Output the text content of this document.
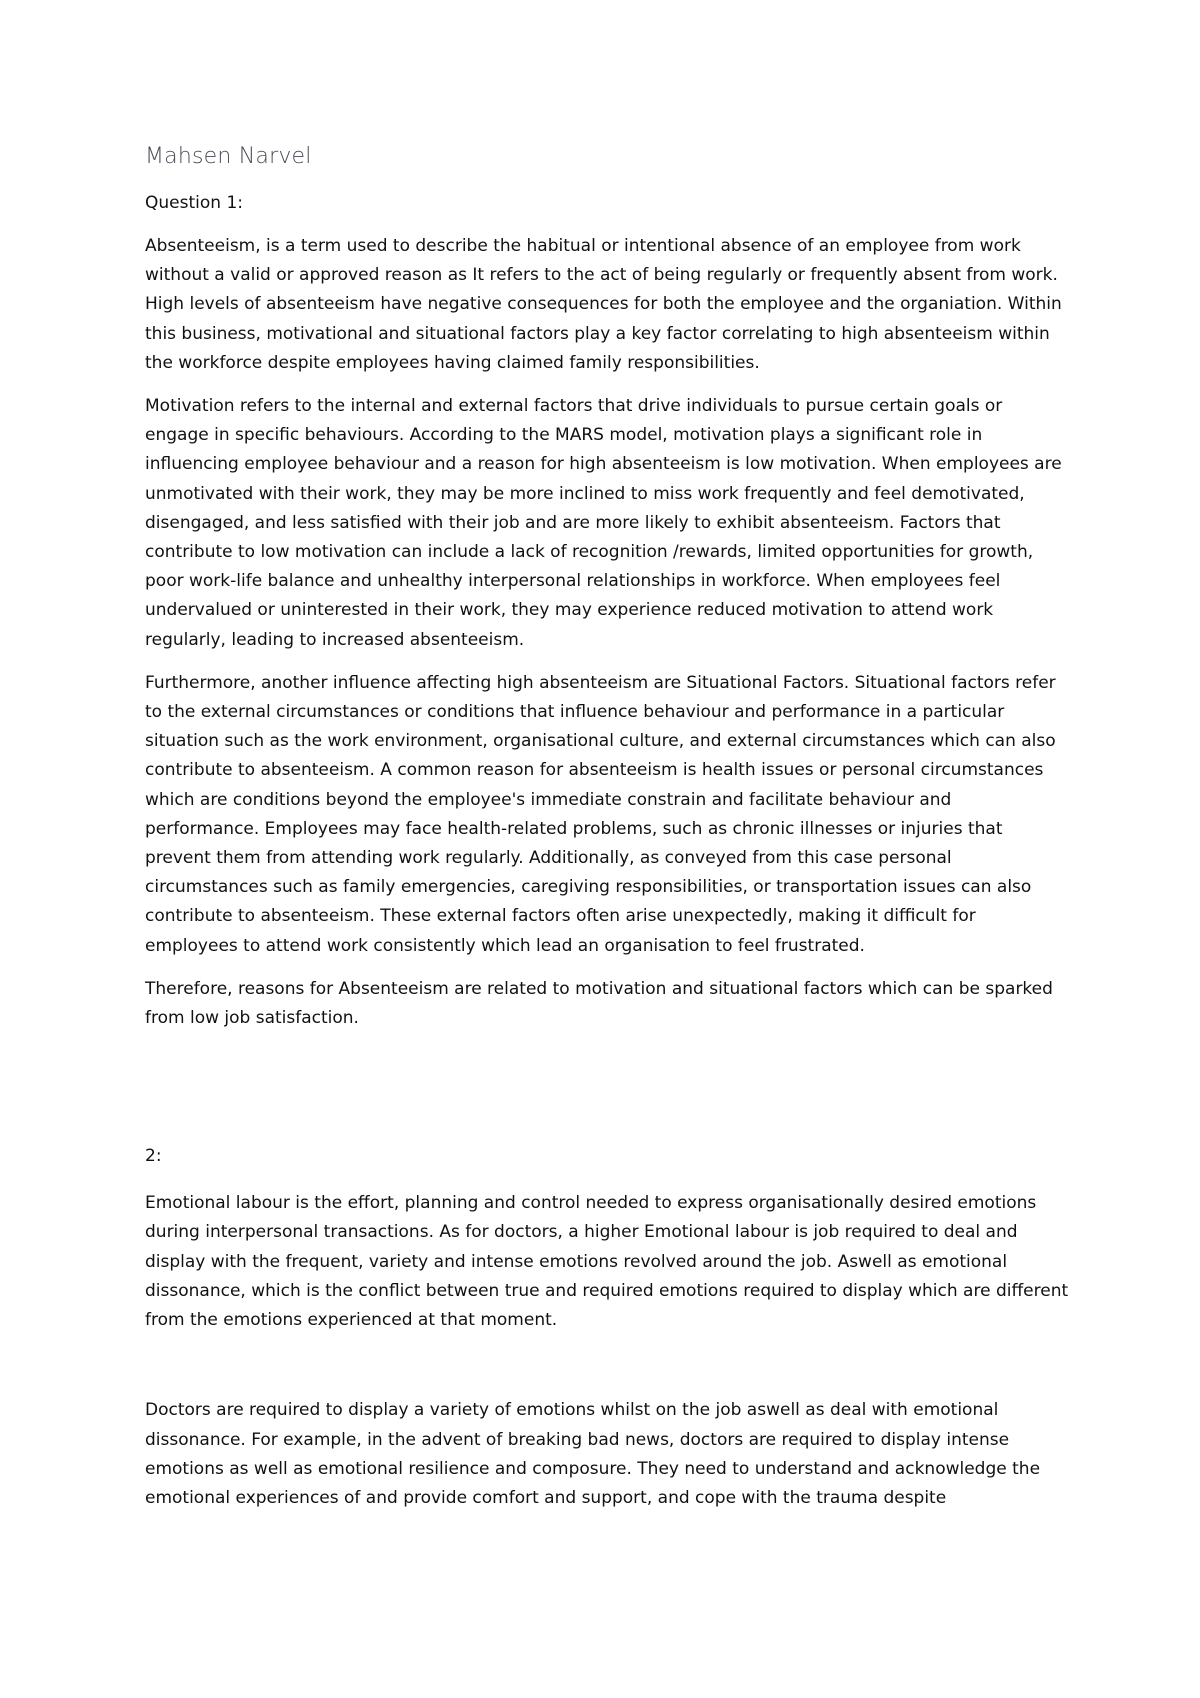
Mahsen Narvel
Question 1:

Absenteeism, is a term used to describe the habitual or intentional absence of an employee from work without a valid or approved reason as It refers to the act of being regularly or frequently absent from work. High levels of absenteeism have negative consequences for both the employee and the organiation. Within this business, motivational and situational factors play a key factor correlating to high absenteeism within the workforce despite employees having claimed family responsibilities.

Motivation refers to the internal and external factors that drive individuals to pursue certain goals or engage in specific behaviours. According to the MARS model, motivation plays a significant role in influencing employee behaviour and a reason for high absenteeism is low motivation. When employees are unmotivated with their work, they may be more inclined to miss work frequently and feel demotivated, disengaged, and less satisfied with their job and are more likely to exhibit absenteeism. Factors that contribute to low motivation can include a lack of recognition /rewards, limited opportunities for growth, poor work-life balance and unhealthy interpersonal relationships in workforce. When employees feel undervalued or uninterested in their work, they may experience reduced motivation to attend work regularly, leading to increased absenteeism.

Furthermore, another influence affecting high absenteeism are Situational Factors. Situational factors refer to the external circumstances or conditions that influence behaviour and performance in a particular situation such as the work environment, organisational culture, and external circumstances which can also contribute to absenteeism. A common reason for absenteeism is health issues or personal circumstances which are conditions beyond the employee's immediate constrain and facilitate behaviour and performance. Employees may face health-related problems, such as chronic illnesses or injuries that prevent them from attending work regularly. Additionally, as conveyed from this case personal circumstances such as family emergencies, caregiving responsibilities, or transportation issues can also contribute to absenteeism. These external factors often arise unexpectedly, making it difficult for employees to attend work consistently which lead an organisation to feel frustrated.

Therefore, reasons for Absenteeism are related to motivation and situational factors which can be sparked from low job satisfaction.

2:

Emotional labour is the effort, planning and control needed to express organisationally desired emotions during interpersonal transactions. As for doctors, a higher Emotional labour is job required to deal and display with the frequent, variety and intense emotions revolved around the job. Aswell as emotional dissonance, which is the conflict between true and required emotions required to display which are different from the emotions experienced at that moment.

Doctors are required to display a variety of emotions whilst on the job aswell as deal with emotional dissonance. For example, in the advent of breaking bad news, doctors are required to display intense emotions as well as emotional resilience and composure. They need to understand and acknowledge the emotional experiences of and provide comfort and support, and cope with the trauma despite
